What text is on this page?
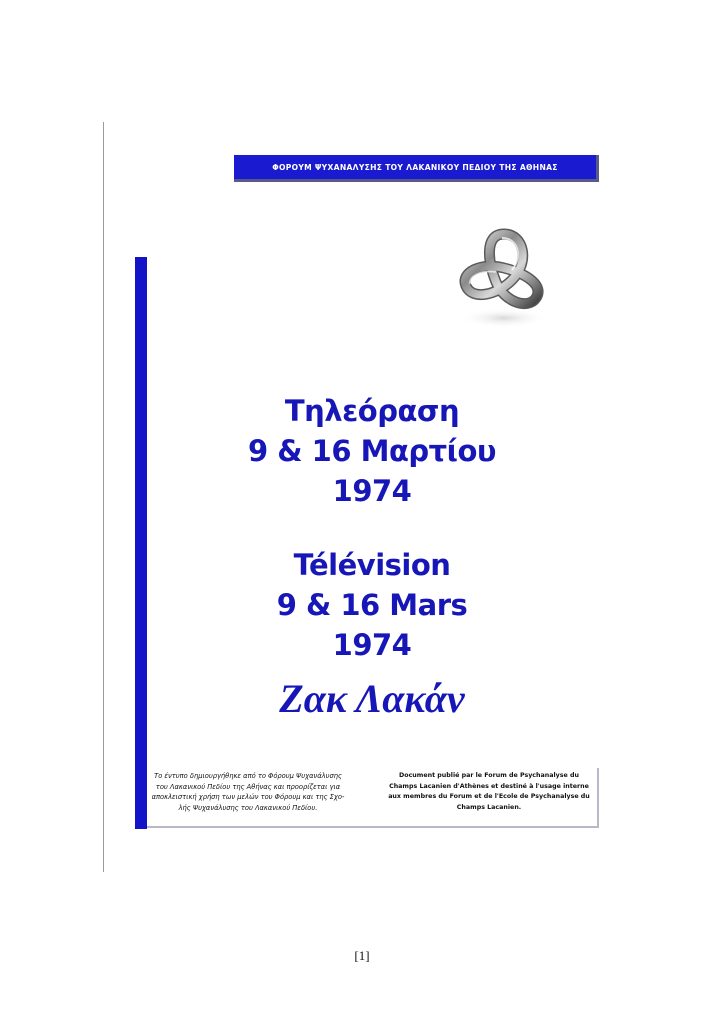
ΦΟΡΟΥΜ ΨΥΧΑΝΑΛΥΣΗΣ ΤΟΥ ΛΑΚΑΝΙΚΟΥ ΠΕΔΙΟΥ ΤΗΣ ΑΘΗΝΑΣ
Τηλεόραση
9 & 16 Μαρτίου
1974
Télévision
9 & 16 Mars
1974
Ζακ Λακάν
Το έντυπο δημιουργήθηκε από το Φόρουμ Ψυχανάλυσης
του Λακανικού Πεδίου της Αθήνας και προορίζεται για
αποκλειστική χρήση των μελών του Φόρουμ και της Σχο-
λής Ψυχανάλυσης του Λακανικού Πεδίου.
Document publié par le Forum de Psychanalyse du
Champs Lacanien d'Athènes et destiné à l'usage interne
aux membres du Forum et de l'Ecole de Psychanalyse du
Champs Lacanien.
[1]
